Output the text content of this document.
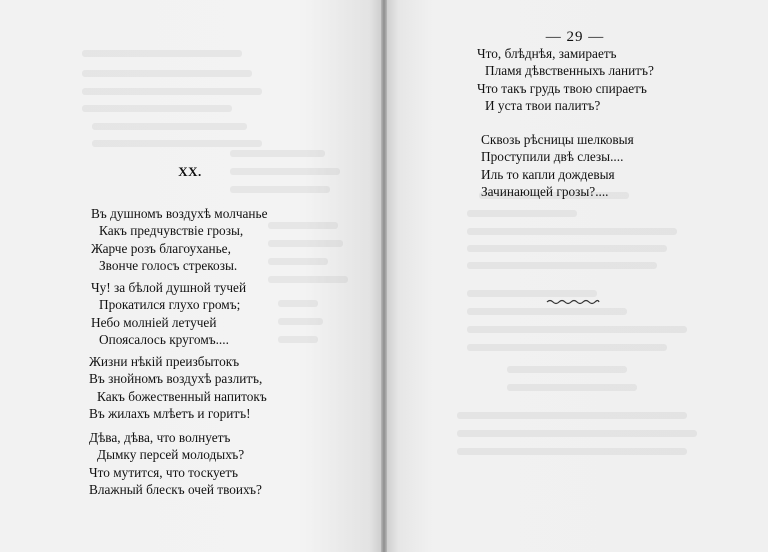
XX.
Въ душномъ воздухѣ молчанье
Какъ предчувствіе грозы,
Жарче розъ благоуханье,
Звонче голосъ стрекозы.
Чу! за бѣлой душной тучей
Прокатился глухо громъ;
Небо молніей летучей
Опоясалось кругомъ....
Жизни нѣкій преизбытокъ
Въ знойномъ воздухѣ разлитъ,
Какъ божественный напитокъ
Въ жилахъ млѣетъ и горитъ!
Дѣва, дѣва, что волнуетъ
Дымку персей молодыхъ?
Что мутится, что тоскуетъ
Влажный блескъ очей твоихъ?
— 29 —
Что, блѣднѣя, замираетъ
Пламя дѣвственныхъ ланитъ?
Что такъ грудь твою спираетъ
И уста твои палитъ?
Сквозь рѣсницы шелковыя
Проступили двѣ слезы....
Иль то капли дождевыя
Зачинающей грозы?....
